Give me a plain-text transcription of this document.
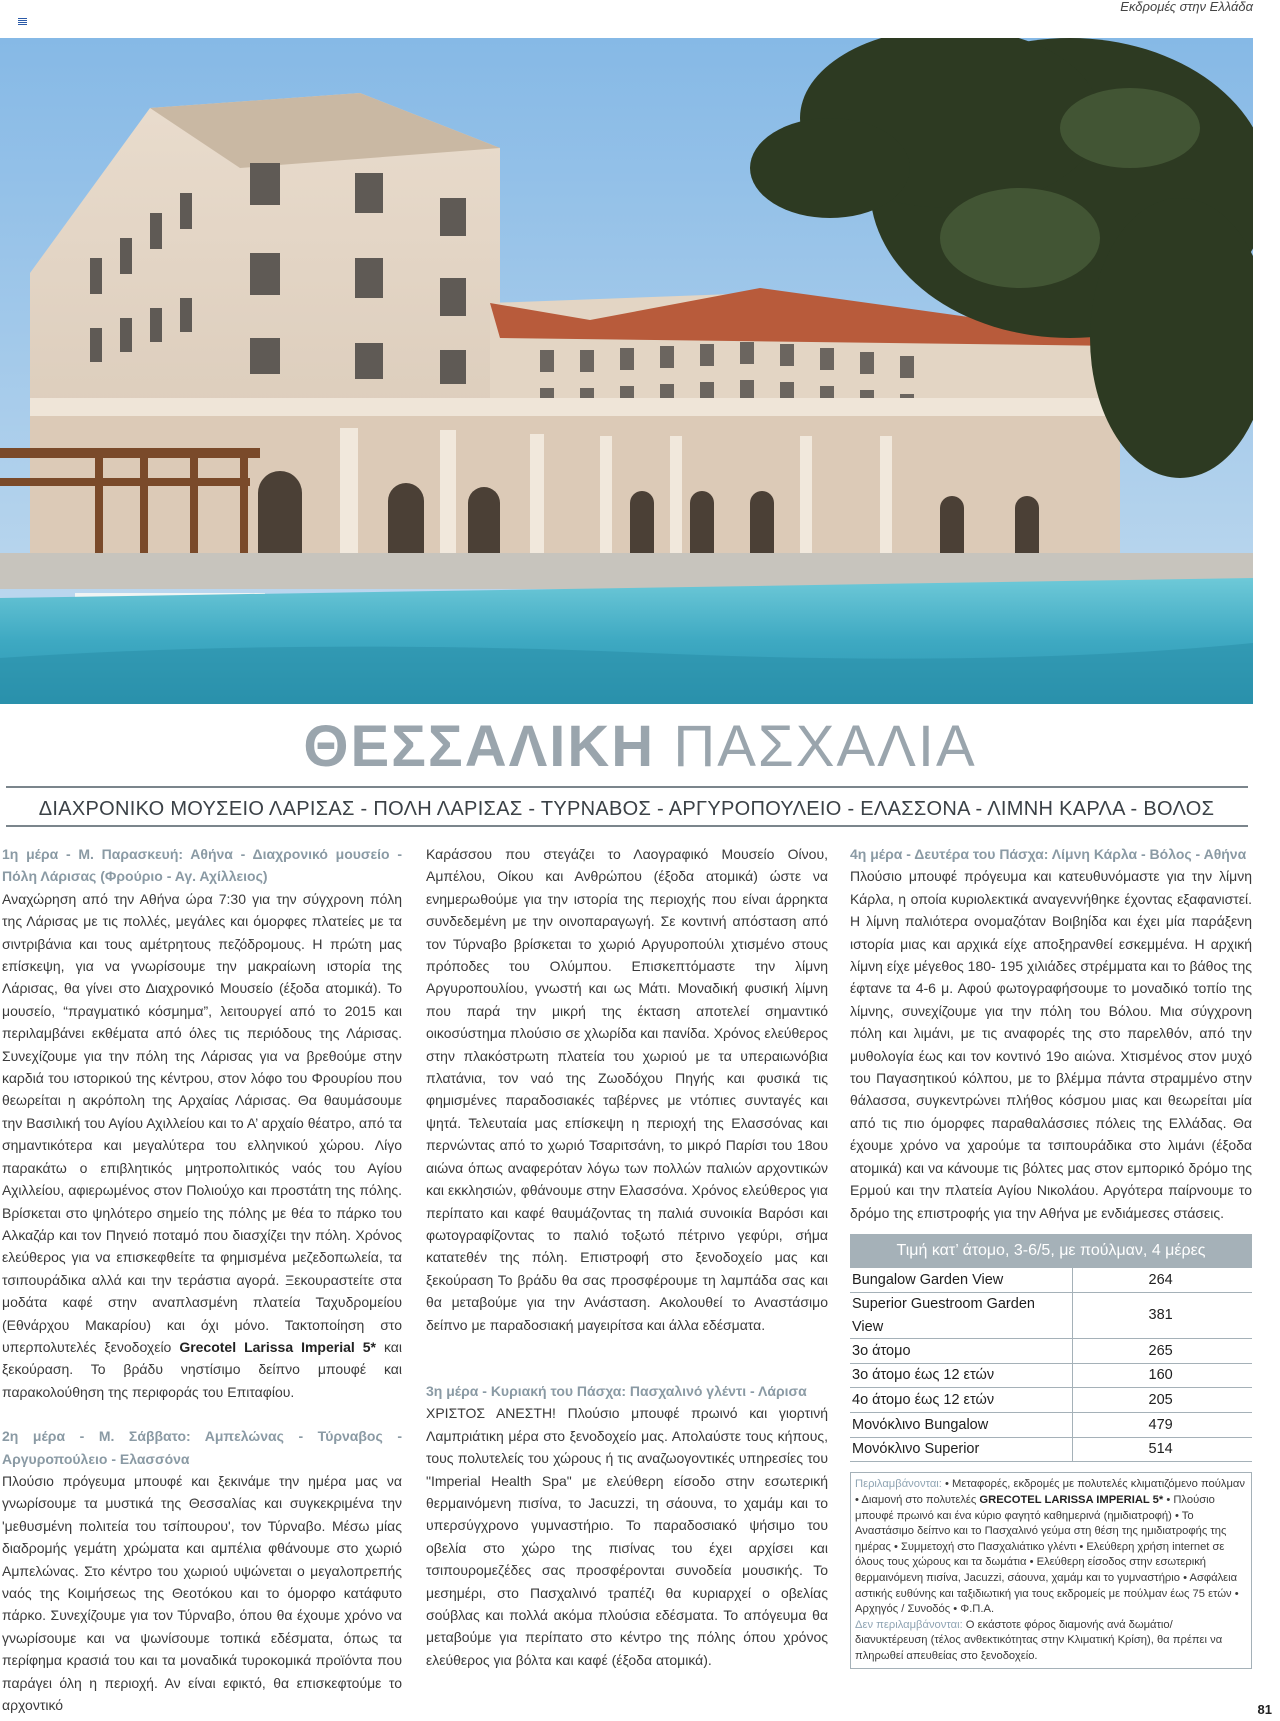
Εκδρομές στην Ελλάδα
ΘΕΣΣΑΛΙΚΗ ΠΑΣΧΑΛΙΑ
ΔΙΑΧΡΟΝΙΚΟ ΜΟΥΣΕΙΟ ΛΑΡΙΣΑΣ - ΠΟΛΗ ΛΑΡΙΣΑΣ - ΤΥΡΝΑΒΟΣ - ΑΡΓΥΡΟΠΟΥΛΕΙΟ - ΕΛΑΣΣΟΝΑ - ΛΙΜΝΗ ΚΑΡΛΑ - ΒΟΛΟΣ

1η μέρα - Μ. Παρασκευή: Αθήνα - Διαχρονικό μουσείο - Πόλη Λάρισας (Φρούριο - Αγ. Αχίλλειος)

Αναχώρηση από την Αθήνα ώρα 7:30 για την σύγχρονη πόλη της Λάρισας με τις πολλές, μεγάλες και όμορφες πλατείες με τα σιντριβάνια και τους αμέτρητους πεζόδρομους. Η πρώτη μας επίσκεψη, για να γνωρίσουμε την μακραίωνη ιστορία της Λάρισας, θα γίνει στο Διαχρονικό Μουσείο (έξοδα ατομικά). Το μουσείο, “πραγματικό κόσμημα”, λειτουργεί από το 2015 και περιλαμβάνει εκθέματα από όλες τις περιόδους της Λάρισας. Συνεχίζουμε για την πόλη της Λάρισας για να βρεθούμε στην καρδιά του ιστορικού της κέντρου, στον λόφο του Φρουρίου που θεωρείται η ακρόπολη της Αρχαίας Λάρισας. Θα θαυμάσουμε την Βασιλική του Αγίου Αχιλλείου και το Α’ αρχαίο θέατρο, από τα σημαντικότερα και μεγαλύτερα του ελληνικού χώρου. Λίγο παρακάτω ο επιβλητικός μητροπολιτικός ναός του Αγίου Αχιλλείου, αφιερωμένος στον Πολιούχο και προστάτη της πόλης. Βρίσκεται στο ψηλότερο σημείο της πόλης με θέα το πάρκο του Αλκαζάρ και τον Πηνειό ποταμό που διασχίζει την πόλη. Χρόνος ελεύθερος για να επισκεφθείτε τα φημισμένα μεζεδοπωλεία, τα τσιπουράδικα αλλά και την τεράστια αγορά. Ξεκουραστείτε στα μοδάτα καφέ στην αναπλασμένη πλατεία Ταχυδρομείου (Εθνάρχου Μακαρίου) και όχι μόνο. Τακτοποίηση στο υπερπολυτελές ξενοδοχείο Grecotel Larissa Imperial 5* και ξεκούραση. Το βράδυ νηστίσιμο δείπνο μπουφέ και παρακολούθηση της περιφοράς του Επιταφίου.

2η μέρα - Μ. Σάββατο: Αμπελώνας - Τύρναβος - Αργυροπούλειο - Ελασσόνα

Πλούσιο πρόγευμα μπουφέ και ξεκινάμε την ημέρα μας να γνωρίσουμε τα μυστικά της Θεσσαλίας και συγκεκριμένα την 'μεθυσμένη πολιτεία του τσίπουρου', τον Τύρναβο. Μέσω μίας διαδρομής γεμάτη χρώματα και αμπέλια φθάνουμε στο χωριό Αμπελώνας. Στο κέντρο του χωριού υψώνεται ο μεγαλοπρεπής ναός της Κοιμήσεως της Θεοτόκου και το όμορφο κατάφυτο πάρκο. Συνεχίζουμε για τον Τύρναβο, όπου θα έχουμε χρόνο να γνωρίσουμε και να ψωνίσουμε τοπικά εδέσματα, όπως τα περίφημα κρασιά του και τα μοναδικά τυροκομικά προϊόντα που παράγει όλη η περιοχή. Αν είναι εφικτό, θα επισκεφτούμε το αρχοντικό

Καράσσου που στεγάζει το Λαογραφικό Μουσείο Οίνου, Αμπέλου, Οίκου και Ανθρώπου (έξοδα ατομικά) ώστε να ενημερωθούμε για την ιστορία της περιοχής που είναι άρρηκτα συνδεδεμένη με την οινοπαραγωγή. Σε κοντινή απόσταση από τον Τύρναβο βρίσκεται το χωριό Αργυροπούλι χτισμένο στους πρόποδες του Ολύμπου. Επισκεπτόμαστε την λίμνη Αργυροπουλίου, γνωστή και ως Μάτι. Μοναδική φυσική λίμνη που παρά την μικρή της έκταση αποτελεί σημαντικό οικοσύστημα πλούσιο σε χλωρίδα και πανίδα. Χρόνος ελεύθερος στην πλακόστρωτη πλατεία του χωριού με τα υπεραιωνόβια πλατάνια, τον ναό της Ζωοδόχου Πηγής και φυσικά τις φημισμένες παραδοσιακές ταβέρνες με ντόπιες συνταγές και ψητά. Τελευταία μας επίσκεψη η περιοχή της Ελασσόνας και περνώντας από το χωριό Τσαριτσάνη, το μικρό Παρίσι του 18ου αιώνα όπως αναφερόταν λόγω των πολλών παλιών αρχοντικών και εκκλησιών, φθάνουμε στην Ελασσόνα. Χρόνος ελεύθερος για περίπατο και καφέ θαυμάζοντας τη παλιά συνοικία Βαρόσι και φωτογραφίζοντας το παλιό τοξωτό πέτρινο γεφύρι, σήμα κατατεθέν της πόλη. Επιστροφή στο ξενοδοχείο μας και ξεκούραση Το βράδυ θα σας προσφέρουμε τη λαμπάδα σας και θα μεταβούμε για την Ανάσταση. Ακολουθεί το Αναστάσιμο δείπνο με παραδοσιακή μαγειρίτσα και άλλα εδέσματα.

3η μέρα - Κυριακή του Πάσχα: Πασχαλινό γλέντι - Λάρισα

ΧΡΙΣΤΟΣ ΑΝΕΣΤΗ! Πλούσιο μπουφέ πρωινό και γιορτινή Λαμπριάτικη μέρα στο ξενοδοχείο μας. Απολαύστε τους κήπους, τους πολυτελείς του χώρους ή τις αναζωογοντικές υπηρεσίες του "Imperial Health Spa" με ελεύθερη είσοδο στην εσωτερική θερμαινόμενη πισίνα, το Jacuzzi, τη σάουνα, το χαμάμ και το υπερσύγχρονο γυμναστήριο. Το παραδοσιακό ψήσιμο του οβελία στο χώρο της πισίνας του έχει αρχίσει και τσιπουρομεζέδες σας προσφέρονται συνοδεία μουσικής. Το μεσημέρι, στο Πασχαλινό τραπέζι θα κυριαρχεί ο οβελίας σούβλας και πολλά ακόμα πλούσια εδέσματα. Το απόγευμα θα μεταβούμε για περίπατο στο κέντρο της πόλης όπου χρόνος ελεύθερος για βόλτα και καφέ (έξοδα ατομικά).

4η μέρα - Δευτέρα του Πάσχα: Λίμνη Κάρλα - Βόλος - Αθήνα

Πλούσιο μπουφέ πρόγευμα και κατευθυνόμαστε για την λίμνη Κάρλα, η οποία κυριολεκτικά αναγεννήθηκε έχοντας εξαφανιστεί. Η λίμνη παλιότερα ονομαζόταν Βοιβηίδα και έχει μία παράξενη ιστορία μιας και αρχικά είχε αποξηρανθεί εσκεμμένα. Η αρχική λίμνη είχε μέγεθος 180- 195 χιλιάδες στρέμματα και το βάθος της έφτανε τα 4-6 μ. Αφού φωτογραφήσουμε το μοναδικό τοπίο της λίμνης, συνεχίζουμε για την πόλη του Βόλου. Μια σύγχρονη πόλη και λιμάνι, με τις αναφορές της στο παρελθόν, από την μυθολογία έως και τον κοντινό 19ο αιώνα. Χτισμένος στον μυχό του Παγασητικού κόλπου, με το βλέμμα πάντα στραμμένο στην θάλασσα, συγκεντρώνει πλήθος κόσμου μιας και θεωρείται μία από τις πιο όμορφες παραθαλάσσιες πόλεις της Ελλάδας. Θα έχουμε χρόνο να χαρούμε τα τσιπουράδικα στο λιμάνι (έξοδα ατομικά) και να κάνουμε τις βόλτες μας στον εμπορικό δρόμο της Ερμού και την πλατεία Αγίου Νικολάου. Αργότερα παίρνουμε το δρόμο της επιστροφής για την Αθήνα με ενδιάμεσες στάσεις.

Τιμή κατ’ άτομο, 3-6/5, με πούλμαν, 4 μέρες
Bungalow Garden View	264
Superior Guestroom Garden View	381
3ο άτομο	265
3ο άτομο έως 12 ετών	160
4ο άτομο έως 12 ετών	205
Μονόκλινο Bungalow	479
Μονόκλινο Superior	514
Περιλαμβάνονται: • Μεταφορές, εκδρομές με πολυτελές κλιματιζόμενο πούλμαν • Διαμονή στο πολυτελές GRECOTEL LARISSA IMPERIAL 5* • Πλούσιο μπουφέ πρωινό και ένα κύριο φαγητό καθημερινά (ημιδιατροφή) • Το Αναστάσιμο δείπνο και το Πασχαλινό γεύμα στη θέση της ημιδιατροφής της ημέρας • Συμμετοχή στο Πασχαλιάτικο γλέντι • Ελεύθερη χρήση internet σε όλους τους χώρους και τα δωμάτια • Ελεύθερη είσοδος στην εσωτερική θερμαινόμενη πισίνα, Jacuzzi, σάουνα, χαμάμ και το γυμναστήριο • Ασφάλεια αστικής ευθύνης και ταξιδιωτική για τους εκδρομείς με πούλμαν έως 75 ετών • Αρχηγός / Συνοδός • Φ.Π.Α.
Δεν περιλαμβάνονται: Ο εκάστοτε φόρος διαμονής ανά δωμάτιο/ διανυκτέρευση (τέλος ανθεκτικότητας στην Κλιματική Κρίση), θα πρέπει να πληρωθεί απευθείας στο ξενοδοχείο.
81
